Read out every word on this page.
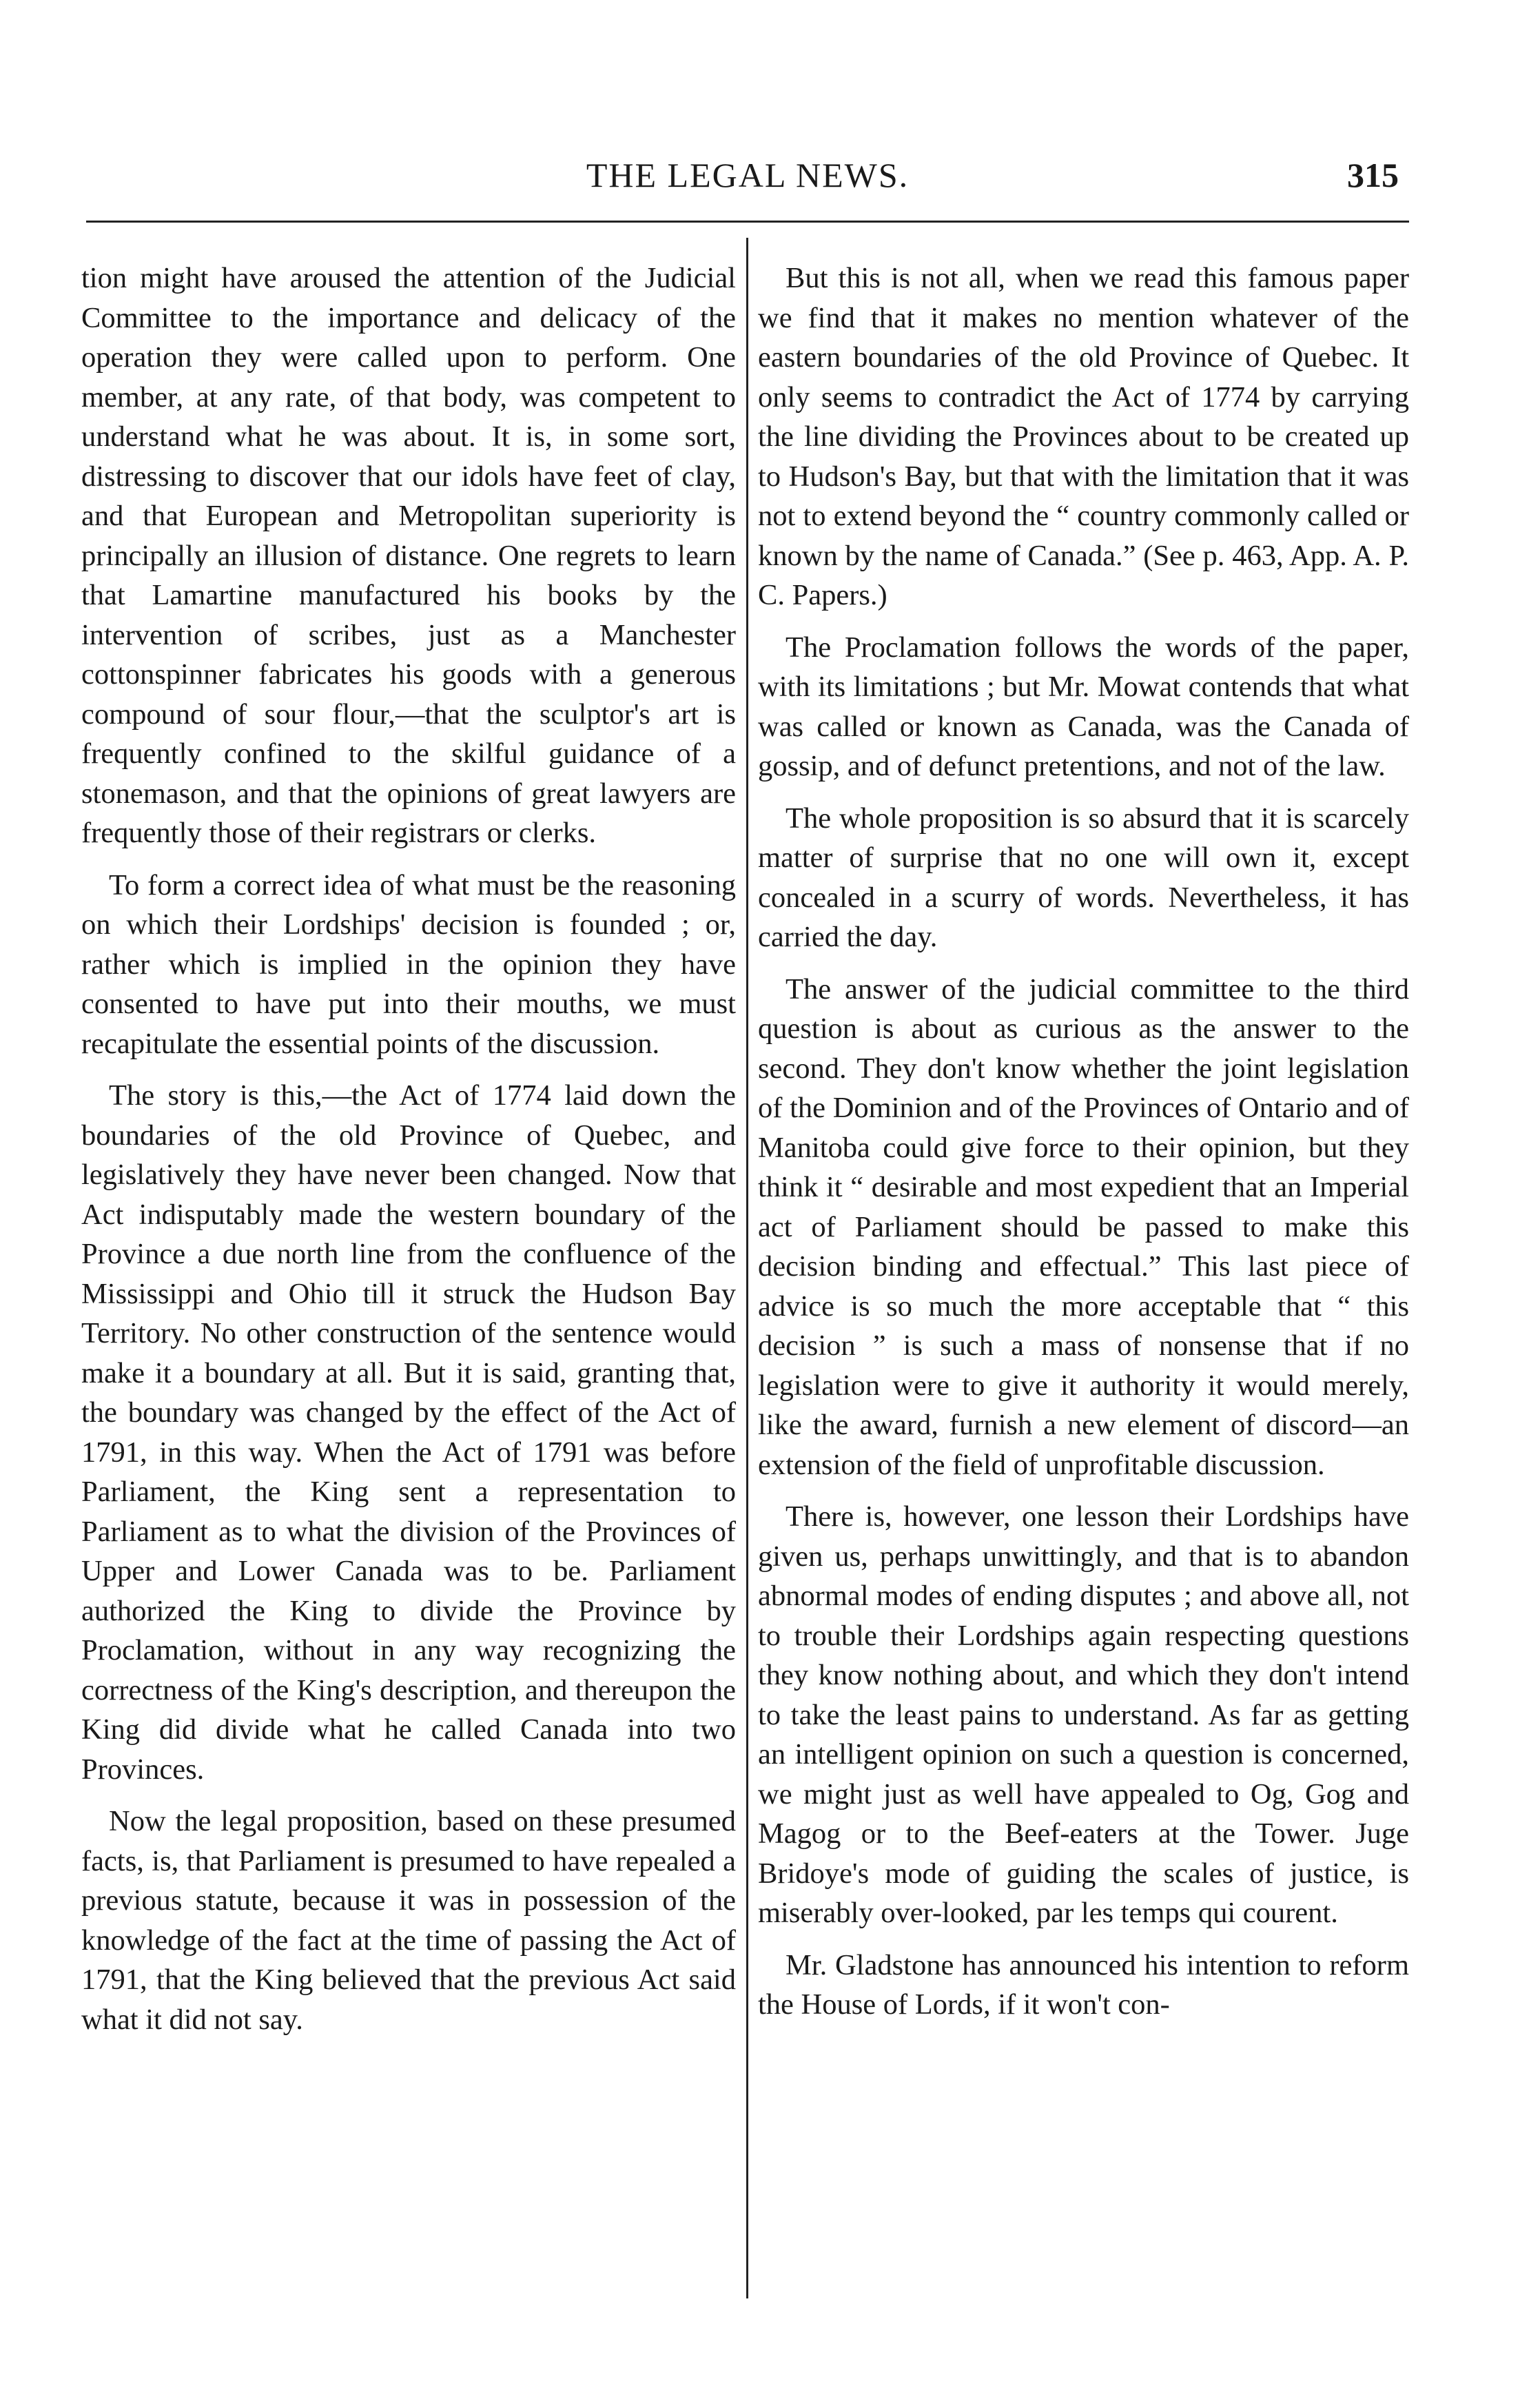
THE LEGAL NEWS.	315

tion might have aroused the attention of the Judicial Committee to the importance and delicacy of the operation they were called upon to perform. One member, at any rate, of that body, was competent to understand what he was about. It is, in some sort, distressing to discover that our idols have feet of clay, and that European and Metropolitan superiority is principally an illusion of distance. One regrets to learn that Lamartine manufactured his books by the intervention of scribes, just as a Manchester cottonspinner fabricates his goods with a generous compound of sour flour,—that the sculptor's art is frequently confined to the skilful guidance of a stonemason, and that the opinions of great lawyers are frequently those of their registrars or clerks.

To form a correct idea of what must be the reasoning on which their Lordships' decision is founded ; or, rather which is implied in the opinion they have consented to have put into their mouths, we must recapitulate the essential points of the discussion.

The story is this,—the Act of 1774 laid down the boundaries of the old Province of Quebec, and legislatively they have never been changed. Now that Act indisputably made the western boundary of the Province a due north line from the confluence of the Mississippi and Ohio till it struck the Hudson Bay Territory. No other construction of the sentence would make it a boundary at all. But it is said, granting that, the boundary was changed by the effect of the Act of 1791, in this way. When the Act of 1791 was before Parliament, the King sent a representation to Parliament as to what the division of the Provinces of Upper and Lower Canada was to be. Parliament authorized the King to divide the Province by Proclamation, without in any way recognizing the correctness of the King's description, and thereupon the King did divide what he called Canada into two Provinces.

Now the legal proposition, based on these presumed facts, is, that Parliament is presumed to have repealed a previous statute, because it was in possession of the knowledge of the fact at the time of passing the Act of 1791, that the King believed that the previous Act said what it did not say.

But this is not all, when we read this famous paper we find that it makes no mention whatever of the eastern boundaries of the old Province of Quebec. It only seems to contradict the Act of 1774 by carrying the line dividing the Provinces about to be created up to Hudson's Bay, but that with the limitation that it was not to extend beyond the “ country commonly called or known by the name of Canada.” (See p. 463, App. A. P. C. Papers.)

The Proclamation follows the words of the paper, with its limitations ; but Mr. Mowat contends that what was called or known as Canada, was the Canada of gossip, and of defunct pretentions, and not of the law.

The whole proposition is so absurd that it is scarcely matter of surprise that no one will own it, except concealed in a scurry of words. Nevertheless, it has carried the day.

The answer of the judicial committee to the third question is about as curious as the answer to the second. They don't know whether the joint legislation of the Dominion and of the Provinces of Ontario and of Manitoba could give force to their opinion, but they think it “ desirable and most expedient that an Imperial act of Parliament should be passed to make this decision binding and effectual.” This last piece of advice is so much the more acceptable that “ this decision ” is such a mass of nonsense that if no legislation were to give it authority it would merely, like the award, furnish a new element of discord—an extension of the field of unprofitable discussion.

There is, however, one lesson their Lordships have given us, perhaps unwittingly, and that is to abandon abnormal modes of ending disputes ; and above all, not to trouble their Lordships again respecting questions they know nothing about, and which they don't intend to take the least pains to understand. As far as getting an intelligent opinion on such a question is concerned, we might just as well have appealed to Og, Gog and Magog or to the Beef-eaters at the Tower. Juge Bridoye's mode of guiding the scales of justice, is miserably over-looked, par les temps qui courent.

Mr. Gladstone has announced his intention to reform the House of Lords, if it won't con-
